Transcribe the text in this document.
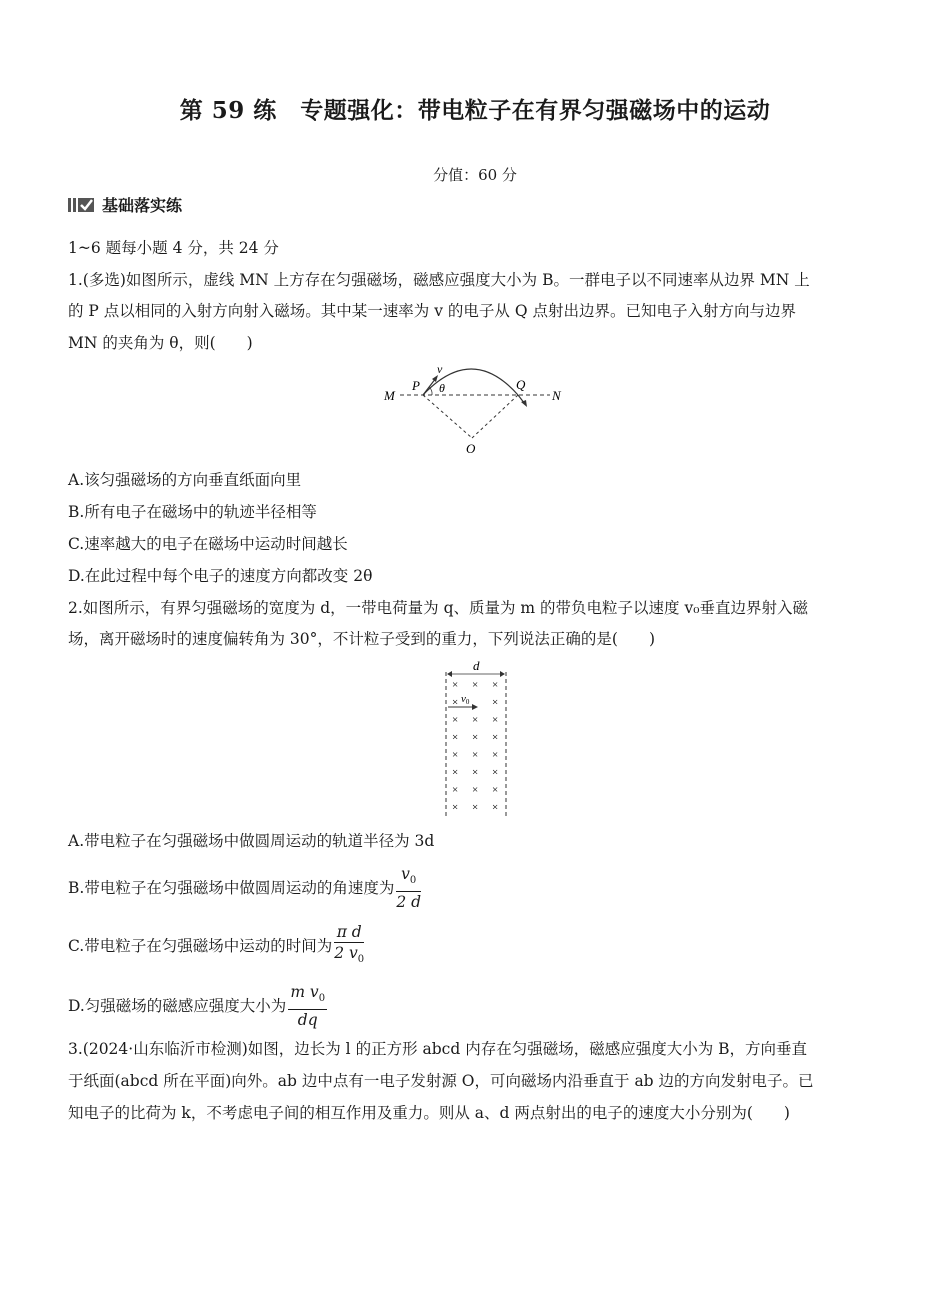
第 59 练　专题强化：带电粒子在有界匀强磁场中的运动
分值：60 分
基础落实练
1~6 题每小题 4 分，共 24 分
1.(多选)如图所示，虚线 MN 上方存在匀强磁场，磁感应强度大小为 B。一群电子以不同速率从边界 MN 上
的 P 点以相同的入射方向射入磁场。其中某一速率为 v 的电子从 Q 点射出边界。已知电子入射方向与边界
MN 的夹角为 θ，则(　　)
M
P	Q
N
O
v
θ
A.该匀强磁场的方向垂直纸面向里
B.所有电子在磁场中的轨迹半径相等
C.速率越大的电子在磁场中运动时间越长
D.在此过程中每个电子的速度方向都改变 2θ
2.如图所示，有界匀强磁场的宽度为 d，一带电荷量为 q、质量为 m 的带负电粒子以速度 v₀垂直边界射入磁
场，离开磁场时的速度偏转角为 30°，不计粒子受到的重力，下列说法正确的是(　　)
d
× × ×
×	×
× × ×
× × ×
× × ×
× × ×
× × ×
× × ×
v0
A.带电粒子在匀强磁场中做圆周运动的轨道半径为 3d
B.带电粒子在匀强磁场中做圆周运动的角速度为 $\frac{v_0}{2 d}$
C.带电粒子在匀强磁场中运动的时间为 $\frac{\text{π d}}{2 v_0}$
D.匀强磁场的磁感应强度大小为 $\frac{m v_0}{dq}$
3.(2024·山东临沂市检测)如图，边长为 l 的正方形 abcd 内存在匀强磁场，磁感应强度大小为 B，方向垂直
于纸面(abcd 所在平面)向外。ab 边中点有一电子发射源 O，可向磁场内沿垂直于 ab 边的方向发射电子。已
知电子的比荷为 k，不考虑电子间的相互作用及重力。则从 a、d 两点射出的电子的速度大小分别为(　　)
